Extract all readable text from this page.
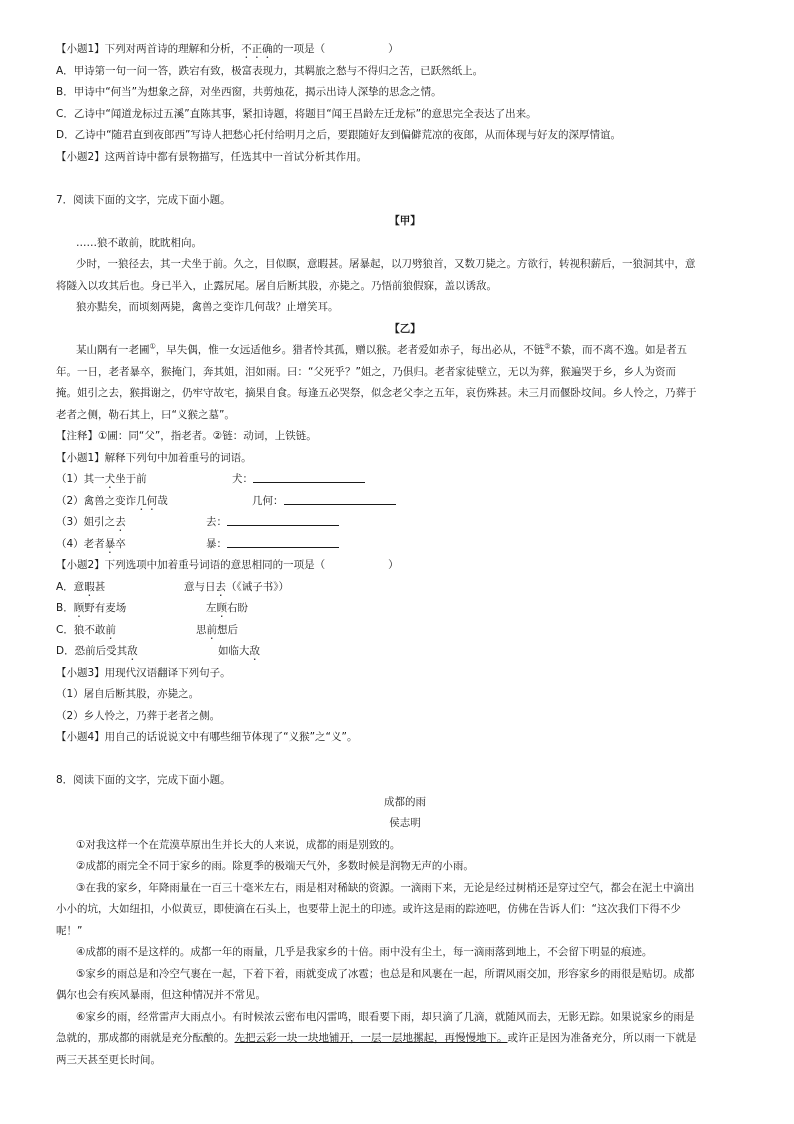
【小题1】下列对两首诗的理解和分析，不正确的一项是（　　　　　　）
A．甲诗第一句一问一答，跌宕有致，极富表现力，其羁旅之愁与不得归之苦，已跃然纸上。
B．甲诗中“何当”为想象之辞，对坐西窗，共剪烛花，揭示出诗人深挚的思念之情。
C．乙诗中“闻道龙标过五溪”直陈其事，紧扣诗题，将题目“闻王昌龄左迁龙标”的意思完全表达了出来。
D．乙诗中“随君直到夜郎西”写诗人把愁心托付给明月之后，要跟随好友到偏僻荒凉的夜郎，从而体现与好友的深厚情谊。
【小题2】这两首诗中都有景物描写，任选其中一首试分析其作用。
7．阅读下面的文字，完成下面小题。
【甲】
……狼不敢前，眈眈相向。
少时，一狼径去，其一犬坐于前。久之，目似瞑，意暇甚。屠暴起，以刀劈狼首，又数刀毙之。方欲行，转视积薪后，一狼洞其中，意
将隧入以攻其后也。身已半入，止露尻尾。屠自后断其股，亦毙之。乃悟前狼假寐，盖以诱敌。
狼亦黠矣，而顷刻两毙，禽兽之变诈几何哉？止增笑耳。
【乙】
某山隅有一老圃①，早失偶，惟一女远适他乡。猎者怜其孤，赠以猴。老者爱如赤子，每出必从，不链②不絷，而不离不逸。如是者五
年。一日，老者暴卒，猴掩门，奔其姐，泪如雨。曰：“父死乎？”姐之，乃俱归。老者家徒壁立，无以为葬，猴遍哭于乡，乡人为资而
掩。姐引之去，猴揖谢之，仍牢守故宅，摘果自食。每逢五必哭祭，似念老父李之五年，哀伤殊甚。未三月而偃卧坟间。乡人怜之，乃葬于
老者之侧，勒石其上，曰“义猴之墓”。
【注释】①圃：同“父”，指老者。②链：动词，上铁链。
【小题1】解释下列句中加着重号的词语。
（1）其一犬坐于前	犬：
（2）禽兽之变诈几何哉	几何：
（3）姐引之去	去：
（4）老者暴卒	暴：
【小题2】下列选项中加着重号词语的意思相同的一项是（　　　　　　）
A．意暇甚	意与日去（《诫子书》）
B．顾野有麦场	左顾右盼
C．狼不敢前	思前想后
D．恐前后受其敌	如临大敌
【小题3】用现代汉语翻译下列句子。
（1）屠自后断其股，亦毙之。
（2）乡人怜之，乃葬于老者之侧。
【小题4】用自己的话说说文中有哪些细节体现了“义猴”之“义”。
8．阅读下面的文字，完成下面小题。
成都的雨
侯志明
①对我这样一个在荒漠草原出生并长大的人来说，成都的雨是别致的。
②成都的雨完全不同于家乡的雨。除夏季的极端天气外，多数时候是润物无声的小雨。
③在我的家乡，年降雨量在一百三十毫米左右，雨是相对稀缺的资源。一滴雨下来，无论是经过树梢还是穿过空气，都会在泥土中滴出
小小的坑，大如纽扣，小似黄豆，即使滴在石头上，也要带上泥土的印迹。或许这是雨的踪迹吧，仿佛在告诉人们：“这次我们下得不少
呢！”
④成都的雨不是这样的。成都一年的雨量，几乎是我家乡的十倍。雨中没有尘土，每一滴雨落到地上，不会留下明显的痕迹。
⑤家乡的雨总是和冷空气裹在一起，下着下着，雨就变成了冰雹；也总是和风裹在一起，所谓风雨交加，形容家乡的雨很是贴切。成都
偶尔也会有疾风暴雨，但这种情况并不常见。
⑥家乡的雨，经常雷声大雨点小。有时候浓云密布电闪雷鸣，眼看要下雨，却只滴了几滴，就随风而去，无影无踪。如果说家乡的雨是
急就的，那成都的雨就是充分酝酿的。先把云彩一块一块地铺开，一层一层地摞起，再慢慢地下。或许正是因为准备充分，所以雨一下就是
两三天甚至更长时间。
